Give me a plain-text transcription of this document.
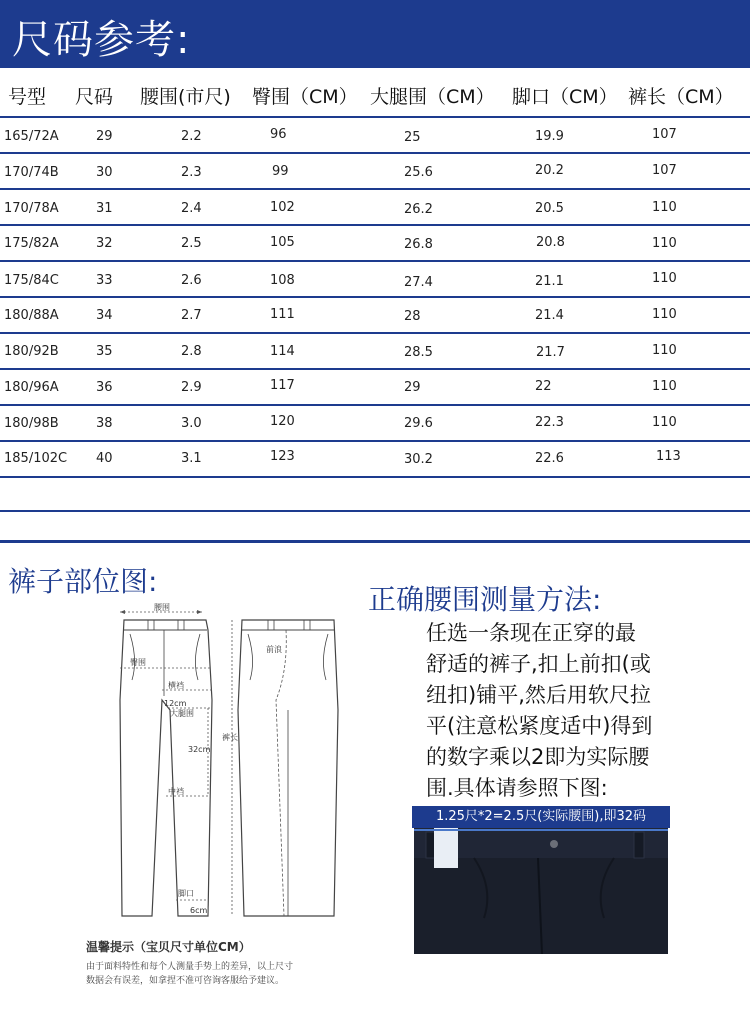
尺码参考:
号型 尺码 腰围(市尺) 臀围（CM） 大腿围（CM） 脚口（CM） 裤长（CM）
165/72A	29	2.2	96	25	19.9	107
170/74B	30	2.3	99	25.6	20.2	107
170/78A	31	2.4	102	26.2	20.5	110
175/82A	32	2.5	105	26.8	20.8	110
175/84C	33	2.6	108	27.4	21.1	110
180/88A	34	2.7	111	28	21.4	110
180/92B	35	2.8	114	28.5	21.7	110
180/96A	36	2.9	117	29	22	110
180/98B	38	3.0	120	29.6	22.3	110
185/102C 40	3.1	123	30.2	22.6	113
裤子部位图:
腰围
臀围
横裆
12cm
大腿围
32cm
中裆
脚口
6cm
裤长
前浪
正确腰围测量方法:
任选一条现在正穿的最
舒适的裤子,扣上前扣(或
纽扣)铺平,然后用软尺拉
平(注意松紧度适中)得到
的数字乘以2即为实际腰
围.具体请参照下图:
1.25尺*2=2.5尺(实际腰围),即32码
温馨提示（宝贝尺寸单位CM）
由于面料特性和每个人测量手势上的差异，以上尺寸
数据会有误差，如拿捏不准可咨询客服给予建议。
